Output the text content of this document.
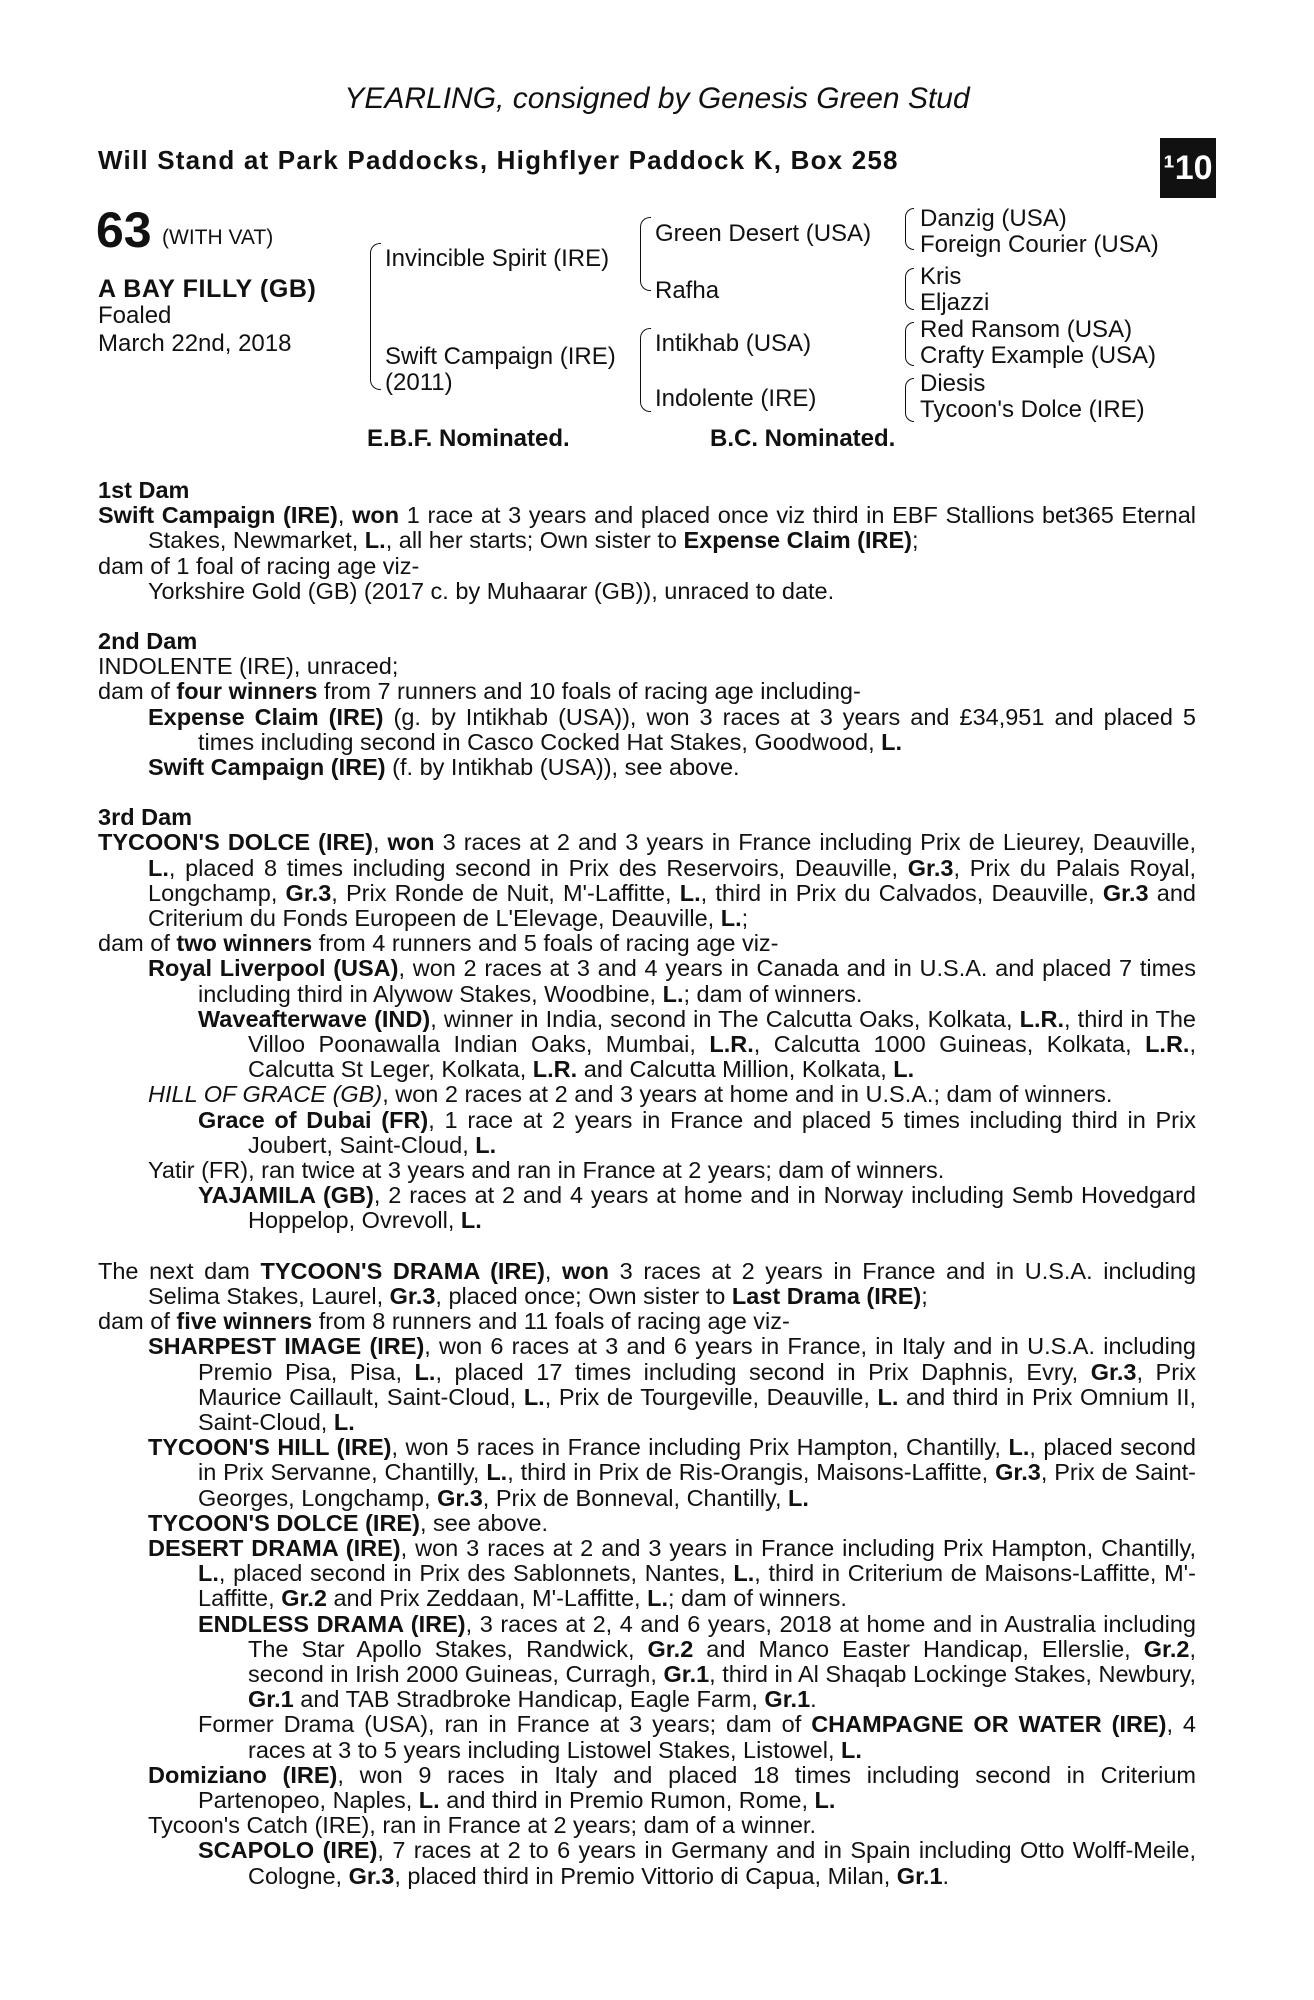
YEARLING, consigned by Genesis Green Stud
Will Stand at Park Paddocks, Highflyer Paddock K, Box 258	¹10
63 (WITH VAT)
A BAY FILLY (GB)
Foaled
March 22nd, 2018
Invincible Spirit (IRE)
Swift Campaign (IRE)
(2011)
Green Desert (USA)
Rafha
Intikhab (USA)
Indolente (IRE)
Danzig (USA)
Foreign Courier (USA)
Kris
Eljazzi
Red Ransom (USA)
Crafty Example (USA)
Diesis
Tycoon's Dolce (IRE)
E.B.F. Nominated.	B.C. Nominated.
1st Dam
Swift Campaign (IRE), won 1 race at 3 years and placed once viz third in EBF Stallions bet365 Eternal Stakes, Newmarket, L., all her starts; Own sister to Expense Claim (IRE);
dam of 1 foal of racing age viz-
Yorkshire Gold (GB) (2017 c. by Muhaarar (GB)), unraced to date.
2nd Dam
INDOLENTE (IRE), unraced;
dam of four winners from 7 runners and 10 foals of racing age including-
Expense Claim (IRE) (g. by Intikhab (USA)), won 3 races at 3 years and £34,951 and placed 5 times including second in Casco Cocked Hat Stakes, Goodwood, L.
Swift Campaign (IRE) (f. by Intikhab (USA)), see above.
3rd Dam
TYCOON'S DOLCE (IRE), won 3 races at 2 and 3 years in France including Prix de Lieurey, Deauville, L., placed 8 times including second in Prix des Reservoirs, Deauville, Gr.3, Prix du Palais Royal, Longchamp, Gr.3, Prix Ronde de Nuit, M'-Laffitte, L., third in Prix du Calvados, Deauville, Gr.3 and Criterium du Fonds Europeen de L'Elevage, Deauville, L.;
dam of two winners from 4 runners and 5 foals of racing age viz-
Royal Liverpool (USA), won 2 races at 3 and 4 years in Canada and in U.S.A. and placed 7 times including third in Alywow Stakes, Woodbine, L.; dam of winners.
Waveafterwave (IND), winner in India, second in The Calcutta Oaks, Kolkata, L.R., third in The Villoo Poonawalla Indian Oaks, Mumbai, L.R., Calcutta 1000 Guineas, Kolkata, L.R., Calcutta St Leger, Kolkata, L.R. and Calcutta Million, Kolkata, L.
HILL OF GRACE (GB), won 2 races at 2 and 3 years at home and in U.S.A.; dam of winners.
Grace of Dubai (FR), 1 race at 2 years in France and placed 5 times including third in Prix Joubert, Saint-Cloud, L.
Yatir (FR), ran twice at 3 years and ran in France at 2 years; dam of winners.
YAJAMILA (GB), 2 races at 2 and 4 years at home and in Norway including Semb Hovedgard Hoppelop, Ovrevoll, L.
The next dam TYCOON'S DRAMA (IRE), won 3 races at 2 years in France and in U.S.A. including Selima Stakes, Laurel, Gr.3, placed once; Own sister to Last Drama (IRE);
dam of five winners from 8 runners and 11 foals of racing age viz-
SHARPEST IMAGE (IRE), won 6 races at 3 and 6 years in France, in Italy and in U.S.A. including Premio Pisa, Pisa, L., placed 17 times including second in Prix Daphnis, Evry, Gr.3, Prix Maurice Caillault, Saint-Cloud, L., Prix de Tourgeville, Deauville, L. and third in Prix Omnium II, Saint-Cloud, L.
TYCOON'S HILL (IRE), won 5 races in France including Prix Hampton, Chantilly, L., placed second in Prix Servanne, Chantilly, L., third in Prix de Ris-Orangis, Maisons-Laffitte, Gr.3, Prix de Saint-Georges, Longchamp, Gr.3, Prix de Bonneval, Chantilly, L.
TYCOON'S DOLCE (IRE), see above.
DESERT DRAMA (IRE), won 3 races at 2 and 3 years in France including Prix Hampton, Chantilly, L., placed second in Prix des Sablonnets, Nantes, L., third in Criterium de Maisons-Laffitte, M'-Laffitte, Gr.2 and Prix Zeddaan, M'-Laffitte, L.; dam of winners.
ENDLESS DRAMA (IRE), 3 races at 2, 4 and 6 years, 2018 at home and in Australia including The Star Apollo Stakes, Randwick, Gr.2 and Manco Easter Handicap, Ellerslie, Gr.2, second in Irish 2000 Guineas, Curragh, Gr.1, third in Al Shaqab Lockinge Stakes, Newbury, Gr.1 and TAB Stradbroke Handicap, Eagle Farm, Gr.1.
Former Drama (USA), ran in France at 3 years; dam of CHAMPAGNE OR WATER (IRE), 4 races at 3 to 5 years including Listowel Stakes, Listowel, L.
Domiziano (IRE), won 9 races in Italy and placed 18 times including second in Criterium Partenopeo, Naples, L. and third in Premio Rumon, Rome, L.
Tycoon's Catch (IRE), ran in France at 2 years; dam of a winner.
SCAPOLO (IRE), 7 races at 2 to 6 years in Germany and in Spain including Otto Wolff-Meile, Cologne, Gr.3, placed third in Premio Vittorio di Capua, Milan, Gr.1.
